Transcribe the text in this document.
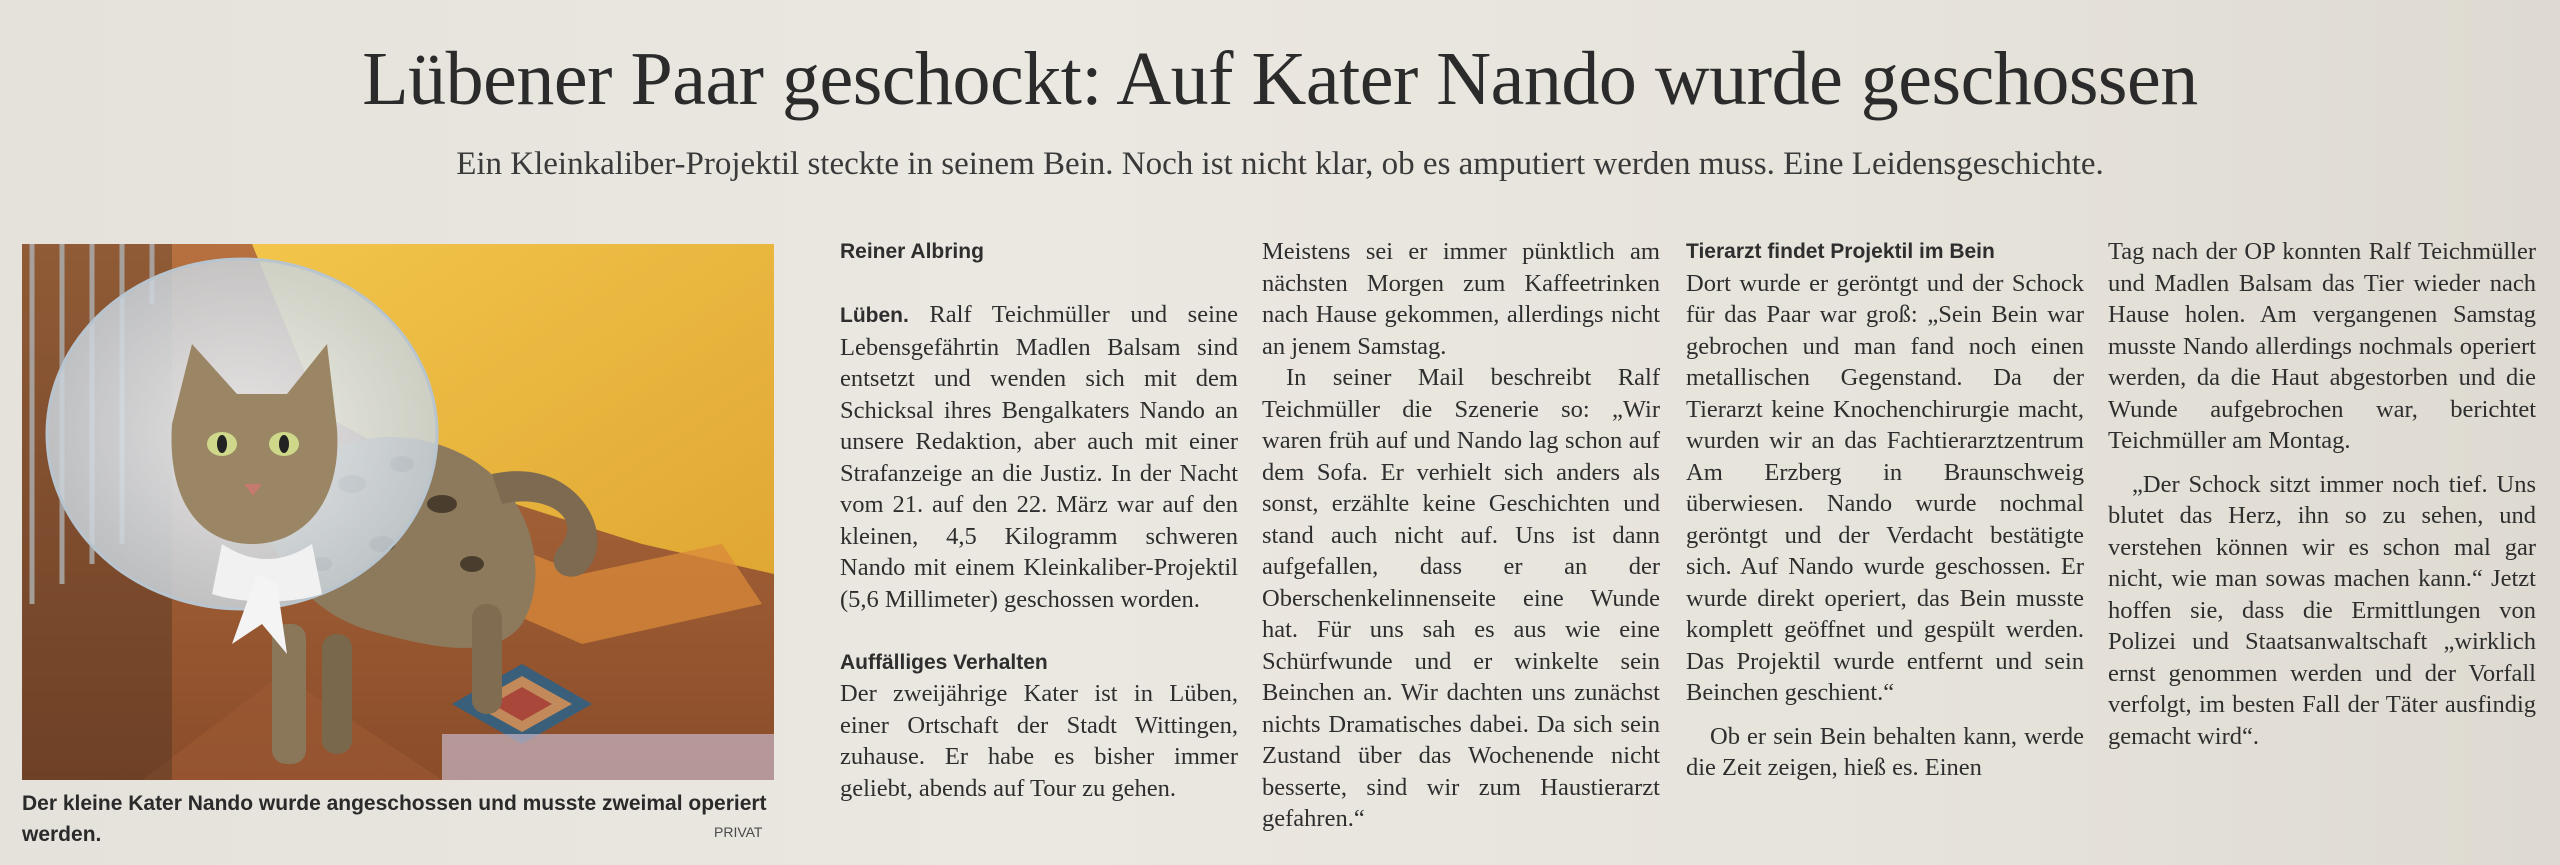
Lübener Paar geschockt: Auf Kater Nando wurde geschossen
Ein Kleinkaliber-Projektil steckte in seinem Bein. Noch ist nicht klar, ob es amputiert werden muss. Eine Leidensgeschichte.
Der kleine Kater Nando wurde angeschossen und musste zweimal operiert werden.	PRIVAT
Reiner Albring

Lüben. Ralf Teichmüller und seine Lebensgefährtin Madlen Balsam sind entsetzt und wenden sich mit dem Schicksal ihres Bengalkaters Nando an unsere Redaktion, aber auch mit einer Strafanzeige an die Justiz. In der Nacht vom 21. auf den 22. März war auf den kleinen, 4,5 Kilogramm schweren Nando mit einem Kleinkaliber-Projektil (5,6 Millimeter) geschossen worden.

Auffälliges Verhalten

Der zweijährige Kater ist in Lüben, einer Ortschaft der Stadt Wittingen, zuhause. Er habe es bisher immer geliebt, abends auf Tour zu gehen.

Meistens sei er immer pünktlich am nächsten Morgen zum Kaffeetrinken nach Hause gekommen, allerdings nicht an jenem Samstag.

In seiner Mail beschreibt Ralf Teichmüller die Szenerie so: „Wir waren früh auf und Nando lag schon auf dem Sofa. Er verhielt sich anders als sonst, erzählte keine Geschichten und stand auch nicht auf. Uns ist dann aufgefallen, dass er an der Oberschenkelinnenseite eine Wunde hat. Für uns sah es aus wie eine Schürfwunde und er winkelte sein Beinchen an. Wir dachten uns zunächst nichts Dramatisches dabei. Da sich sein Zustand über das Wochenende nicht besserte, sind wir zum Haustierarzt gefahren.“

Tierarzt findet Projektil im Bein

Dort wurde er geröntgt und der Schock für das Paar war groß: „Sein Bein war gebrochen und man fand noch einen metallischen Gegenstand. Da der Tierarzt keine Knochenchirurgie macht, wurden wir an das Fachtierarztzentrum Am Erzberg in Braunschweig überwiesen. Nando wurde nochmal geröntgt und der Verdacht bestätigte sich. Auf Nando wurde geschossen. Er wurde direkt operiert, das Bein musste komplett geöffnet und gespült werden. Das Projektil wurde entfernt und sein Beinchen geschient.“

Ob er sein Bein behalten kann, werde die Zeit zeigen, hieß es. Einen

Tag nach der OP konnten Ralf Teichmüller und Madlen Balsam das Tier wieder nach Hause holen. Am vergangenen Samstag musste Nando allerdings nochmals operiert werden, da die Haut abgestorben und die Wunde aufgebrochen war, berichtet Teichmüller am Montag.

„Der Schock sitzt immer noch tief. Uns blutet das Herz, ihn so zu sehen, und verstehen können wir es schon mal gar nicht, wie man sowas machen kann.“ Jetzt hoffen sie, dass die Ermittlungen von Polizei und Staatsanwaltschaft „wirklich ernst genommen werden und der Vorfall verfolgt, im besten Fall der Täter ausfindig gemacht wird“.
